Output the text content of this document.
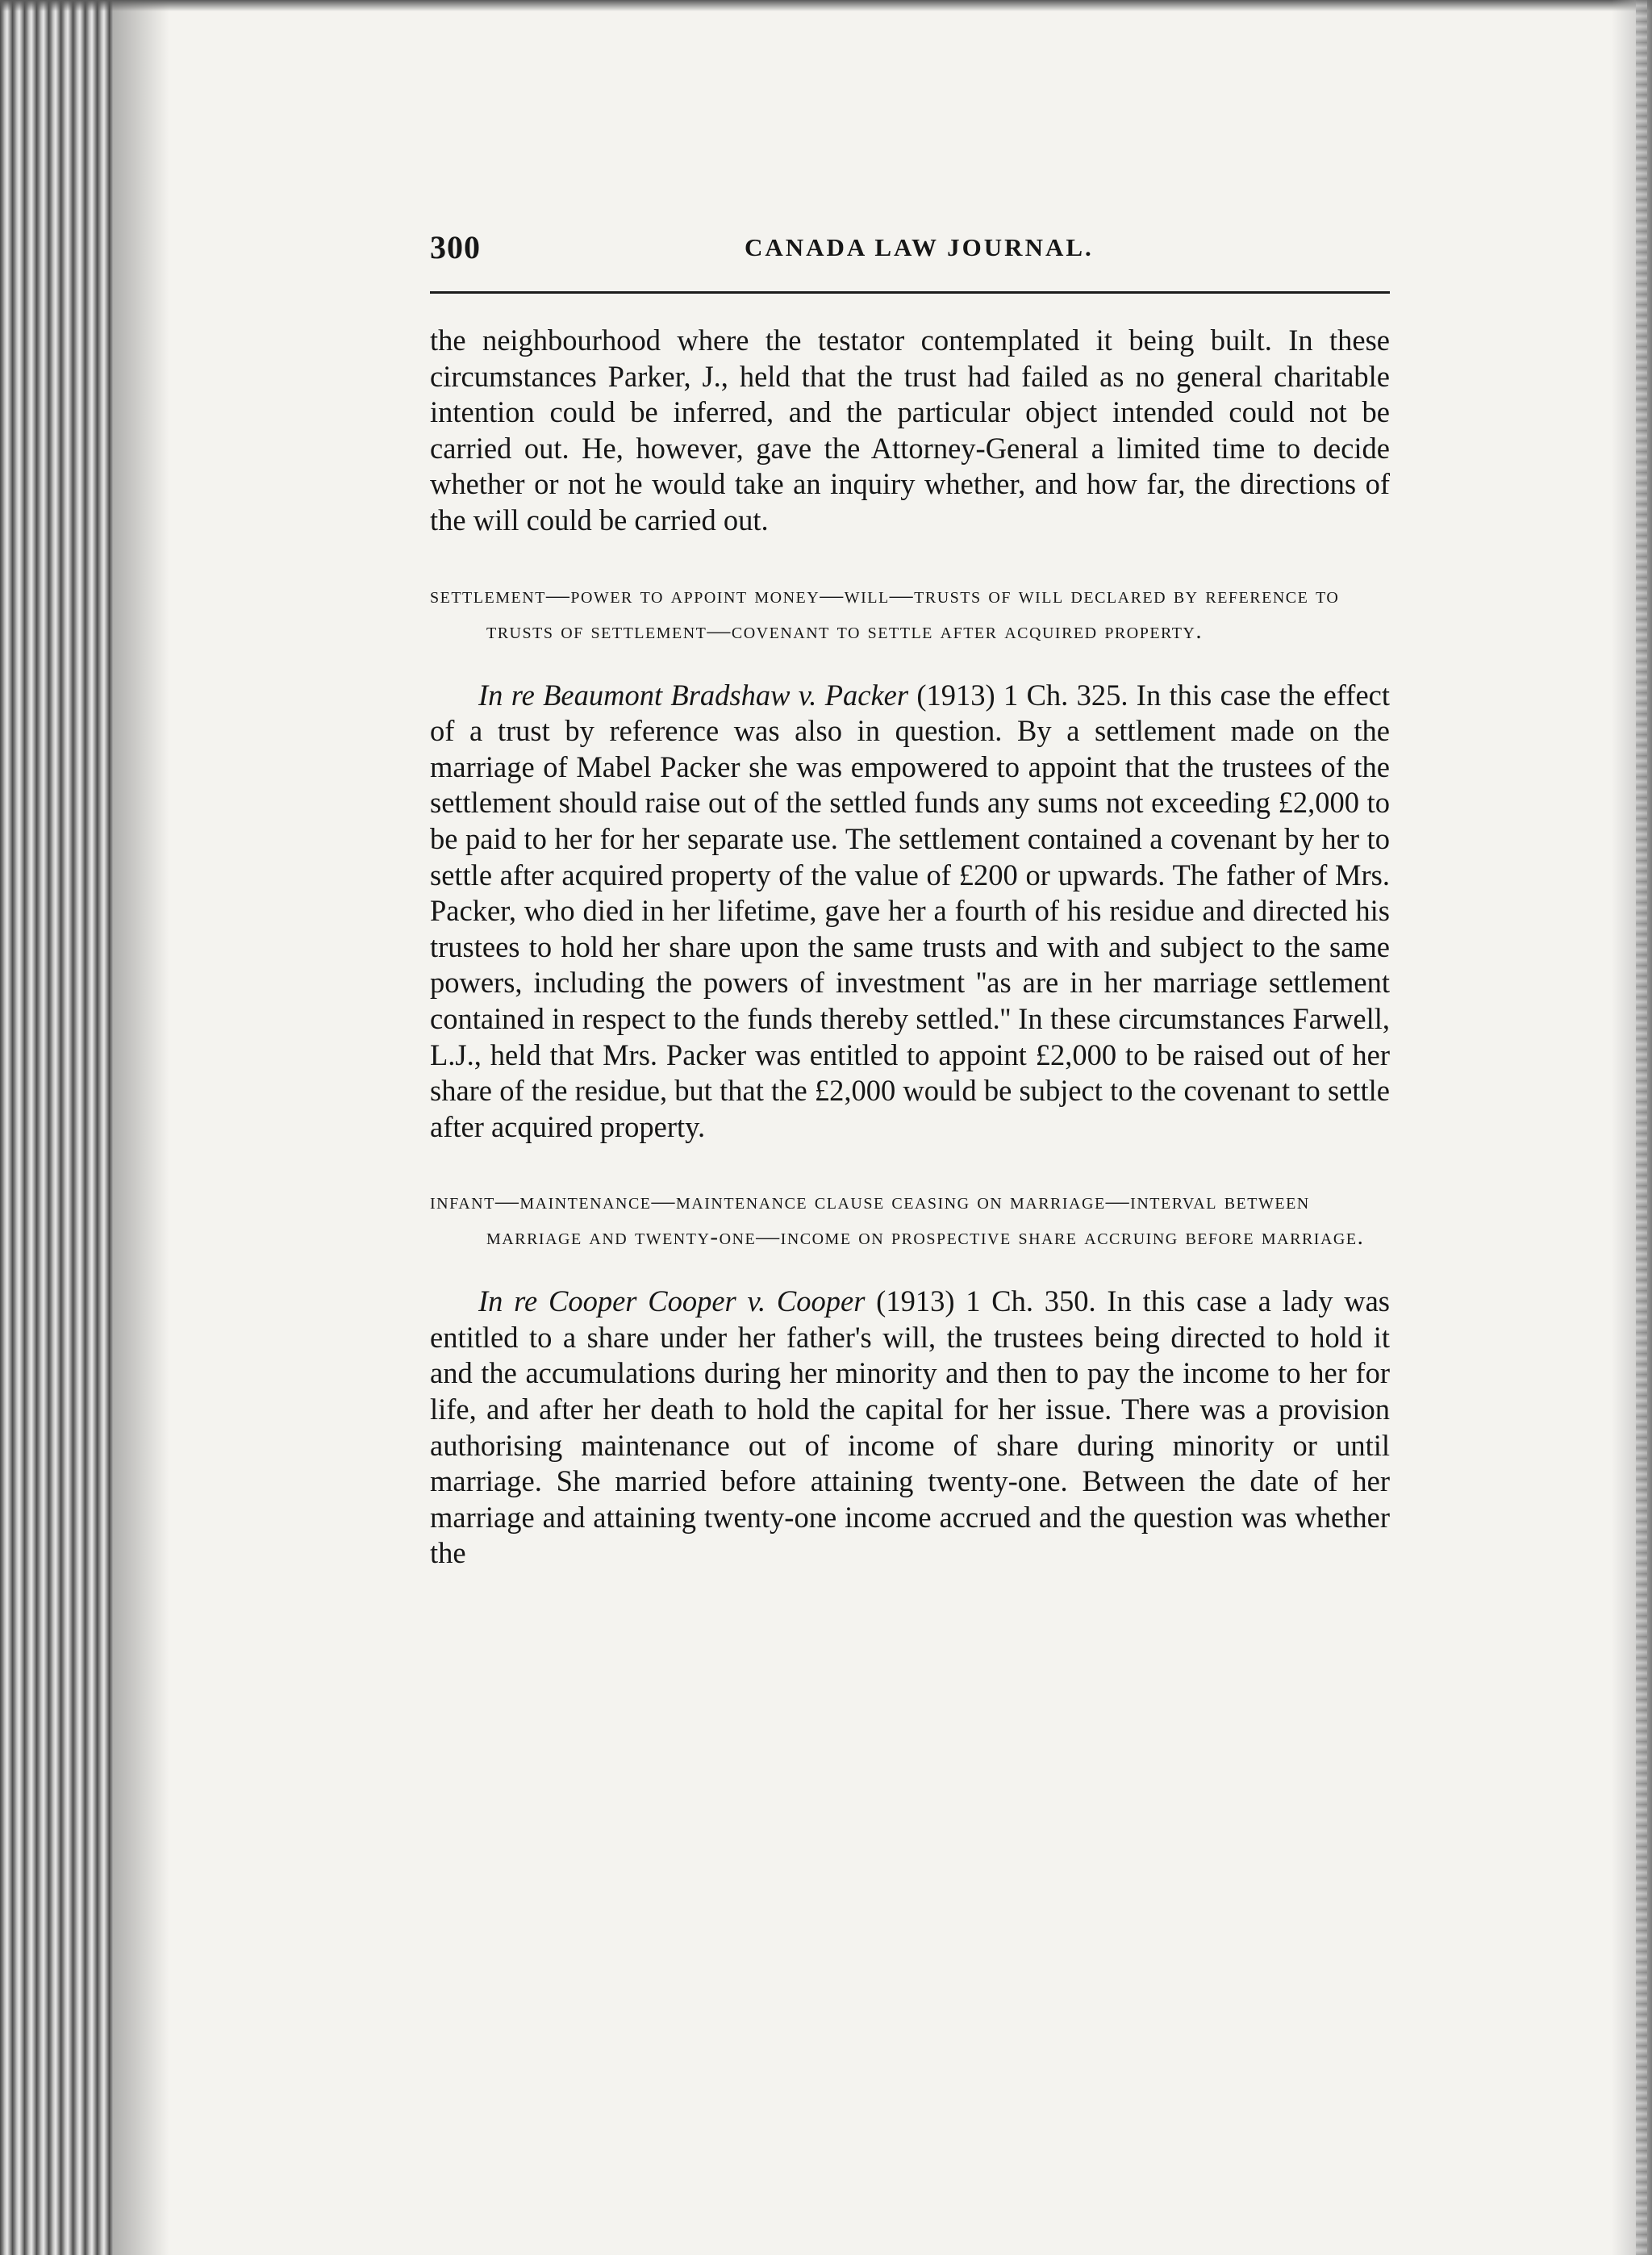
300	CANADA LAW JOURNAL.

the neighbourhood where the testator contemplated it being built. In these circumstances Parker, J., held that the trust had failed as no general charitable intention could be inferred, and the particular object intended could not be carried out. He, however, gave the Attorney-General a limited time to decide whether or not he would take an inquiry whether, and how far, the directions of the will could be carried out.

settlement—power to appoint money—will—trusts of will declared by reference to trusts of settlement—covenant to settle after acquired property.

In re Beaumont Bradshaw v. Packer (1913) 1 Ch. 325. In this case the effect of a trust by reference was also in question. By a settlement made on the marriage of Mabel Packer she was empowered to appoint that the trustees of the settlement should raise out of the settled funds any sums not exceeding £2,000 to be paid to her for her separate use. The settlement contained a covenant by her to settle after acquired property of the value of £200 or upwards. The father of Mrs. Packer, who died in her lifetime, gave her a fourth of his residue and directed his trustees to hold her share upon the same trusts and with and subject to the same powers, including the powers of investment ''as are in her marriage settlement contained in respect to the funds thereby settled.'' In these circumstances Farwell, L.J., held that Mrs. Packer was entitled to appoint £2,000 to be raised out of her share of the residue, but that the £2,000 would be subject to the covenant to settle after acquired property.

infant—maintenance—maintenance clause ceasing on marriage—interval between marriage and twenty-one—income on prospective share accruing before marriage.

In re Cooper Cooper v. Cooper (1913) 1 Ch. 350. In this case a lady was entitled to a share under her father's will, the trustees being directed to hold it and the accumulations during her minority and then to pay the income to her for life, and after her death to hold the capital for her issue. There was a provision authorising maintenance out of income of share during minority or until marriage. She married before attaining twenty-one. Between the date of her marriage and attaining twenty-one income accrued and the question was whether the
